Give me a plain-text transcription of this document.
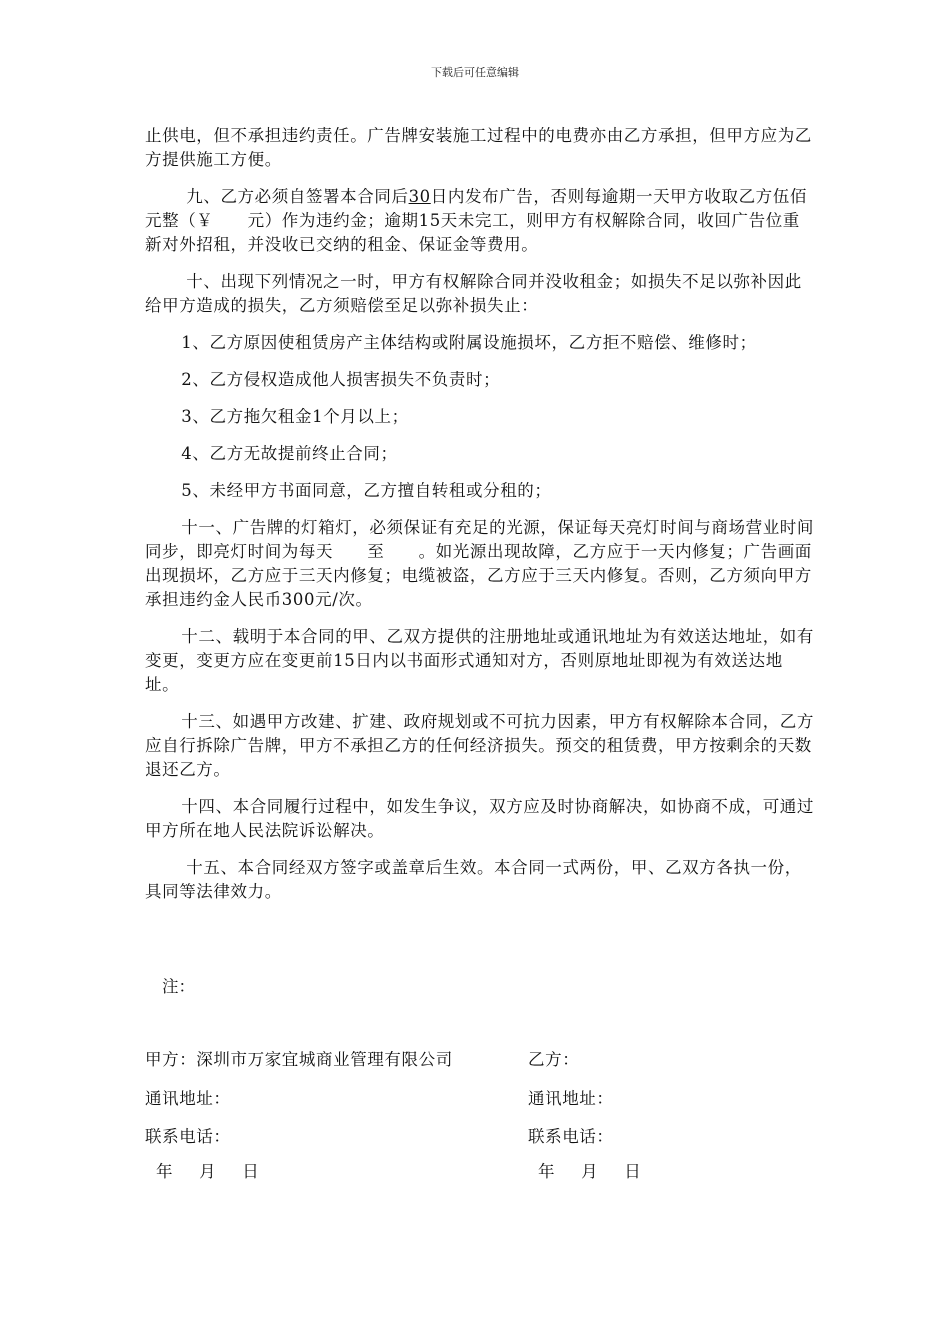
下载后可任意编辑

止供电，但不承担违约责任。广告牌安装施工过程中的电费亦由乙方承担，但甲方应为乙方提供施工方便。

九、乙方必须自签署本合同后30日内发布广告，否则每逾期一天甲方收取乙方伍佰元整（￥　　元）作为违约金；逾期15天未完工，则甲方有权解除合同，收回广告位重新对外招租，并没收已交纳的租金、保证金等费用。

十、出现下列情况之一时，甲方有权解除合同并没收租金；如损失不足以弥补因此给甲方造成的损失，乙方须赔偿至足以弥补损失止：

1、乙方原因使租赁房产主体结构或附属设施损坏，乙方拒不赔偿、维修时；

2、乙方侵权造成他人损害损失不负责时；

3、乙方拖欠租金1个月以上；

4、乙方无故提前终止合同；

5、未经甲方书面同意，乙方擅自转租或分租的；

十一、广告牌的灯箱灯，必须保证有充足的光源，保证每天亮灯时间与商场营业时间同步，即亮灯时间为每天　　至　　。如光源出现故障，乙方应于一天内修复；广告画面出现损坏，乙方应于三天内修复；电缆被盗，乙方应于三天内修复。否则，乙方须向甲方承担违约金人民币300元/次。

十二、载明于本合同的甲、乙双方提供的注册地址或通讯地址为有效送达地址，如有变更，变更方应在变更前15日内以书面形式通知对方，否则原地址即视为有效送达地址。

十三、如遇甲方改建、扩建、政府规划或不可抗力因素，甲方有权解除本合同，乙方应自行拆除广告牌，甲方不承担乙方的任何经济损失。预交的租赁费，甲方按剩余的天数退还乙方。

十四、本合同履行过程中，如发生争议，双方应及时协商解决，如协商不成，可通过甲方所在地人民法院诉讼解决。

十五、本合同经双方签字或盖章后生效。本合同一式两份，甲、乙双方各执一份，具同等法律效力。

注：
甲方：深圳市万家宜城商业管理有限公司	乙方：
通讯地址：	通讯地址：
联系电话：	联系电话：
年 月 日	年 月 日
